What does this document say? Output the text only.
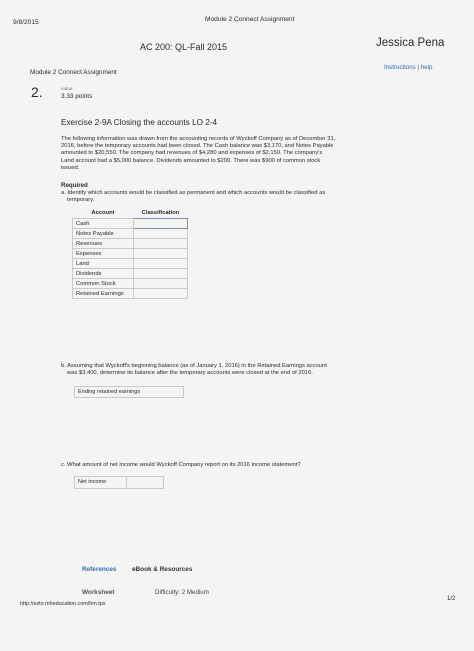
9/8/2015	Module 2 Connect Assignment
AC 200: QL-Fall 2015	Jessica Pena
Instructions | help
Module 2 Connect Assignment
2.	value:
3.33 points
Exercise 2-9A Closing the accounts LO 2-4
The following information was drawn from the accounting records of Wyckoff Company as of December 31,
2016, before the temporary accounts had been closed. The Cash balance was $3,170, and Notes Payable
amounted to $20,550. The company had revenues of $4,280 and expenses of $2,150. The company's
Land account had a $5,000 balance. Dividends amounted to $200. There was $900 of common stock
issued.
Required
a. Identify which accounts would be classified as permanent and which accounts would be classified as
temporary.
Account	Classification
Cash	
Notes Payable	
Revenues	
Expenses	
Land	
Dividends	
Common Stock	
Retained Earnings	
b. Assuming that Wyckoff's beginning balance (as of January 1, 2016) in the Retained Earnings account
was $3,400, determine its balance after the temporary accounts were closed at the end of 2016.
Ending retained earnings
c. What amount of net income would Wyckoff Company report on its 2016 income statement?
Net income
References eBook & Resources
Worksheet	Difficulty: 2 Medium
http://ezto.mheducation.com/hm.tpx
1/2
